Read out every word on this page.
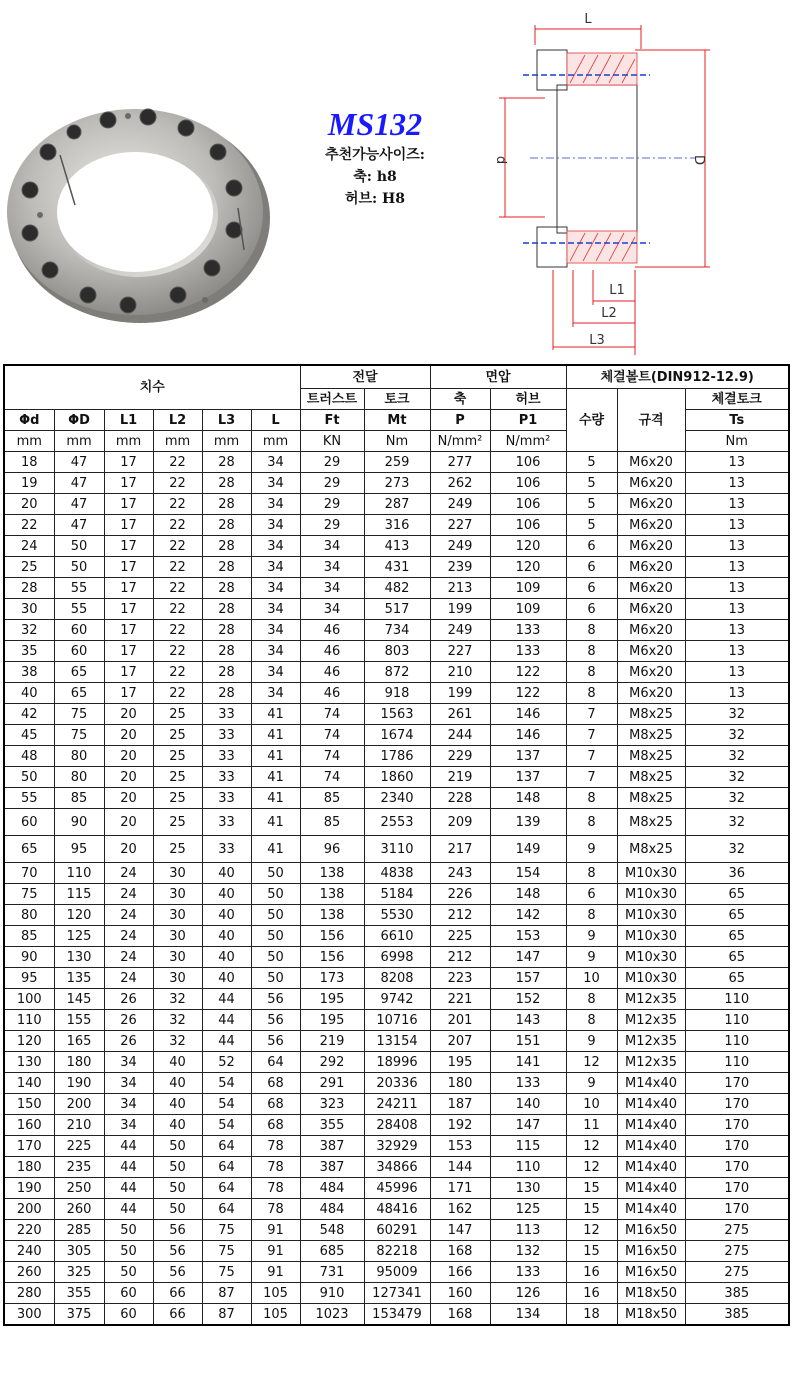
MS132
추천가능사이즈:
축: h8
허브: H8
L
d	D
L1
L2
L3
치수						전달		면압		체결볼트(DIN912-12.9)		
						트러스트	토크	축	허브	수량	규격	체결토크
Φd	ΦD	L1	L2	L3	L	Ft	Mt	P	P1			Ts
mm	mm	mm	mm	mm	mm	KN	Nm	N/mm²	N/mm²			Nm
18	47	17	22	28	34	29	259	277	106	5	M6x20	13
19	47	17	22	28	34	29	273	262	106	5	M6x20	13
20	47	17	22	28	34	29	287	249	106	5	M6x20	13
22	47	17	22	28	34	29	316	227	106	5	M6x20	13
24	50	17	22	28	34	34	413	249	120	6	M6x20	13
25	50	17	22	28	34	34	431	239	120	6	M6x20	13
28	55	17	22	28	34	34	482	213	109	6	M6x20	13
30	55	17	22	28	34	34	517	199	109	6	M6x20	13
32	60	17	22	28	34	46	734	249	133	8	M6x20	13
35	60	17	22	28	34	46	803	227	133	8	M6x20	13
38	65	17	22	28	34	46	872	210	122	8	M6x20	13
40	65	17	22	28	34	46	918	199	122	8	M6x20	13
42	75	20	25	33	41	74	1563	261	146	7	M8x25	32
45	75	20	25	33	41	74	1674	244	146	7	M8x25	32
48	80	20	25	33	41	74	1786	229	137	7	M8x25	32
50	80	20	25	33	41	74	1860	219	137	7	M8x25	32
55	85	20	25	33	41	85	2340	228	148	8	M8x25	32
60	90	20	25	33	41	85	2553	209	139	8	M8x25	32
65	95	20	25	33	41	96	3110	217	149	9	M8x25	32
70	110	24	30	40	50	138	4838	243	154	8	M10x30	36
75	115	24	30	40	50	138	5184	226	148	6	M10x30	65
80	120	24	30	40	50	138	5530	212	142	8	M10x30	65
85	125	24	30	40	50	156	6610	225	153	9	M10x30	65
90	130	24	30	40	50	156	6998	212	147	9	M10x30	65
95	135	24	30	40	50	173	8208	223	157	10	M10x30	65
100	145	26	32	44	56	195	9742	221	152	8	M12x35	110
110	155	26	32	44	56	195	10716	201	143	8	M12x35	110
120	165	26	32	44	56	219	13154	207	151	9	M12x35	110
130	180	34	40	52	64	292	18996	195	141	12	M12x35	110
140	190	34	40	54	68	291	20336	180	133	9	M14x40	170
150	200	34	40	54	68	323	24211	187	140	10	M14x40	170
160	210	34	40	54	68	355	28408	192	147	11	M14x40	170
170	225	44	50	64	78	387	32929	153	115	12	M14x40	170
180	235	44	50	64	78	387	34866	144	110	12	M14x40	170
190	250	44	50	64	78	484	45996	171	130	15	M14x40	170
200	260	44	50	64	78	484	48416	162	125	15	M14x40	170
220	285	50	56	75	91	548	60291	147	113	12	M16x50	275
240	305	50	56	75	91	685	82218	168	132	15	M16x50	275
260	325	50	56	75	91	731	95009	166	133	16	M16x50	275
280	355	60	66	87	105	910	127341	160	126	16	M18x50	385
300	375	60	66	87	105	1023	153479	168	134	18	M18x50	385
